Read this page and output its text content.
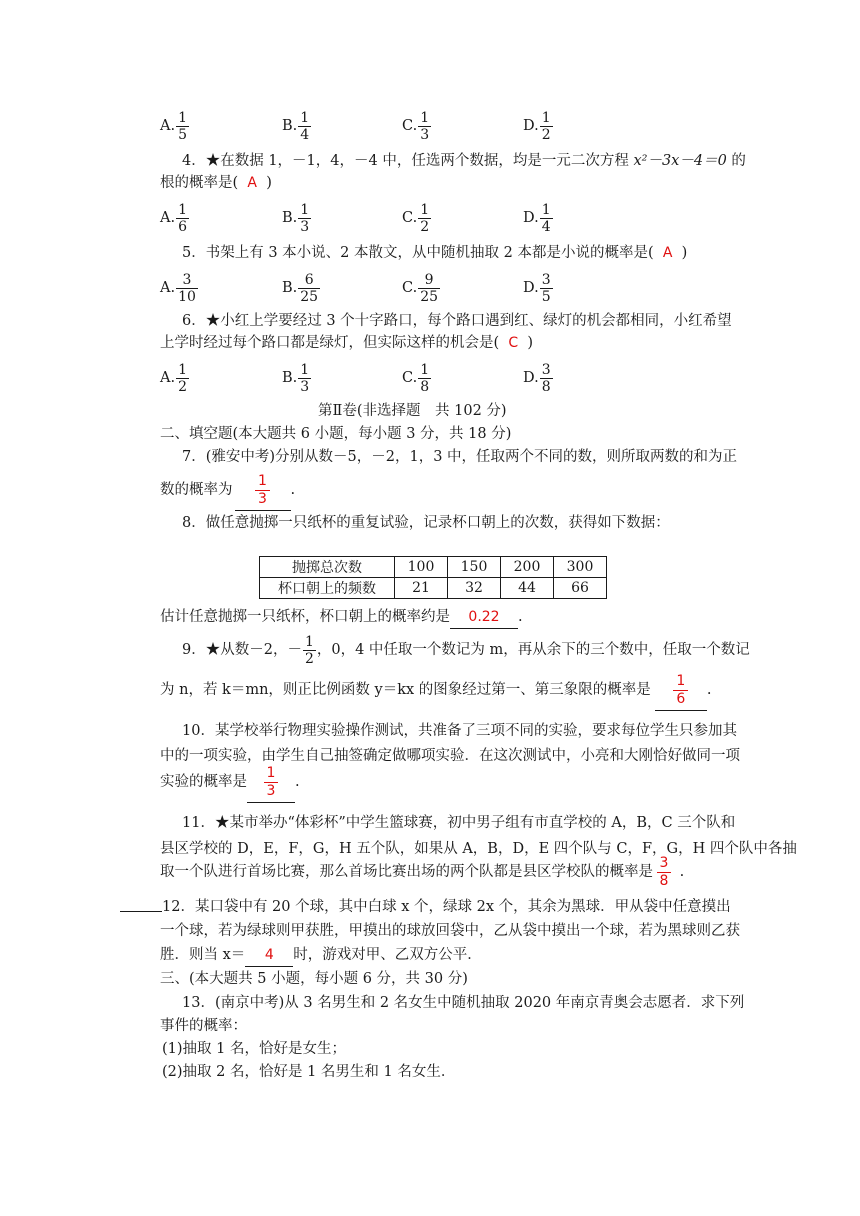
A. $\frac{1}{5}$	B. $\frac{1}{4}$	C. $\frac{1}{3}$	D. $\frac{1}{2}$
4．★在数据 1，－1，4，－4 中，任选两个数据，均是一元二次方程 x²－3x－4＝0 的
根的概率是( A )
A. $\frac{1}{6}$	B. $\frac{1}{3}$	C. $\frac{1}{2}$	D. $\frac{1}{4}$
5．书架上有 3 本小说、2 本散文，从中随机抽取 2 本都是小说的概率是( A )
A. $\frac{3}{10}$	B. $\frac{6}{25}$	C. $\frac{9}{25}$	D. $\frac{3}{5}$
6．★小红上学要经过 3 个十字路口，每个路口遇到红、绿灯的机会都相同，小红希望
上学时经过每个路口都是绿灯，但实际这样的机会是( C )
A. $\frac{1}{2}$	B. $\frac{1}{3}$	C. $\frac{1}{8}$	D. $\frac{3}{8}$
第Ⅱ卷(非选择题　共 102 分)
二、填空题(本大题共 6 小题，每小题 3 分，共 18 分)
7．(雅安中考)分别从数－5，－2，1，3 中，任取两个不同的数，则所取两数的和为正
数的概率为 $\frac{1}{3}$ .
8．做任意抛掷一只纸杯的重复试验，记录杯口朝上的次数，获得如下数据：
抛掷总次数	100	150	200	300
杯口朝上的频数	21	32	44	66
估计任意抛掷一只纸杯，杯口朝上的概率约是 0.22 .
9．★从数－2，－ $\frac{1}{2}$ ，0，4 中任取一个数记为 m，再从余下的三个数中，任取一个数记
为 n，若 k＝mn，则正比例函数 y＝kx 的图象经过第一、第三象限的概率是 $\frac{1}{6}$ .
10．某学校举行物理实验操作测试，共准备了三项不同的实验，要求每位学生只参加其
中的一项实验，由学生自己抽签确定做哪项实验．在这次测试中，小亮和大刚恰好做同一项
实验的概率是 $\frac{1}{3}$ .
11．★某市举办“体彩杯”中学生篮球赛，初中男子组有市直学校的 A，B，C 三个队和
县区学校的 D，E，F，G，H 五个队，如果从 A，B，D，E 四个队与 C，F，G，H 四个队中各抽
取一个队进行首场比赛，那么首场比赛出场的两个队都是县区学校队的概率是 $\frac{3}{8}$ .
12．某口袋中有 20 个球，其中白球 x 个，绿球 2x 个，其余为黑球．甲从袋中任意摸出
一个球，若为绿球则甲获胜，甲摸出的球放回袋中，乙从袋中摸出一个球，若为黑球则乙获
胜．则当 x＝ 4 时，游戏对甲、乙双方公平．
三、(本大题共 5 小题，每小题 6 分，共 30 分)
13．(南京中考)从 3 名男生和 2 名女生中随机抽取 2020 年南京青奥会志愿者．求下列
事件的概率：
(1)抽取 1 名，恰好是女生；
(2)抽取 2 名，恰好是 1 名男生和 1 名女生．
